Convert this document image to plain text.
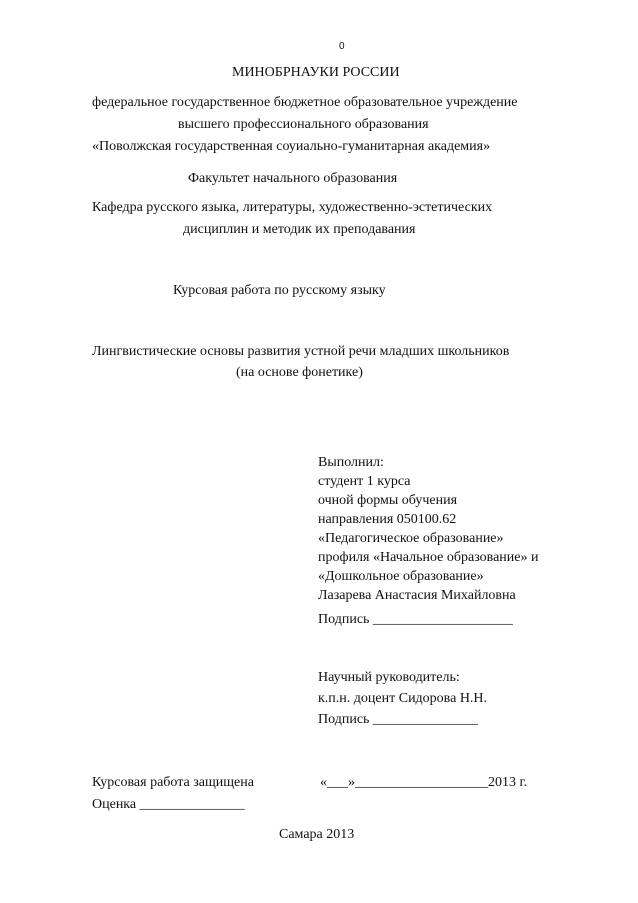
0
МИНОБРНАУКИ РОССИИ
федеральное государственное бюджетное образовательное учреждение
высшего профессионального образования
«Поволжская государственная соуиально-гуманитарная академия»
Факультет начального образования
Кафедра русского языка, литературы, художественно-эстетических
дисциплин и методик их преподавания
Курсовая работа по русскому языку
Лингвистические основы развития устной речи младших школьников
(на основе фонетике)
Выполнил:
студент 1 курса
очной формы обучения
направления 050100.62
«Педагогическое образование»
профиля «Начальное образование» и
«Дошкольное образование»
Лазарева Анастасия Михайловна
Подпись ____________________
Научный руководитель:
к.п.н. доцент Сидорова Н.Н.
Подпись _______________
Курсовая работа защищена	«___»___________________2013 г.
Оценка _______________
Самара 2013
